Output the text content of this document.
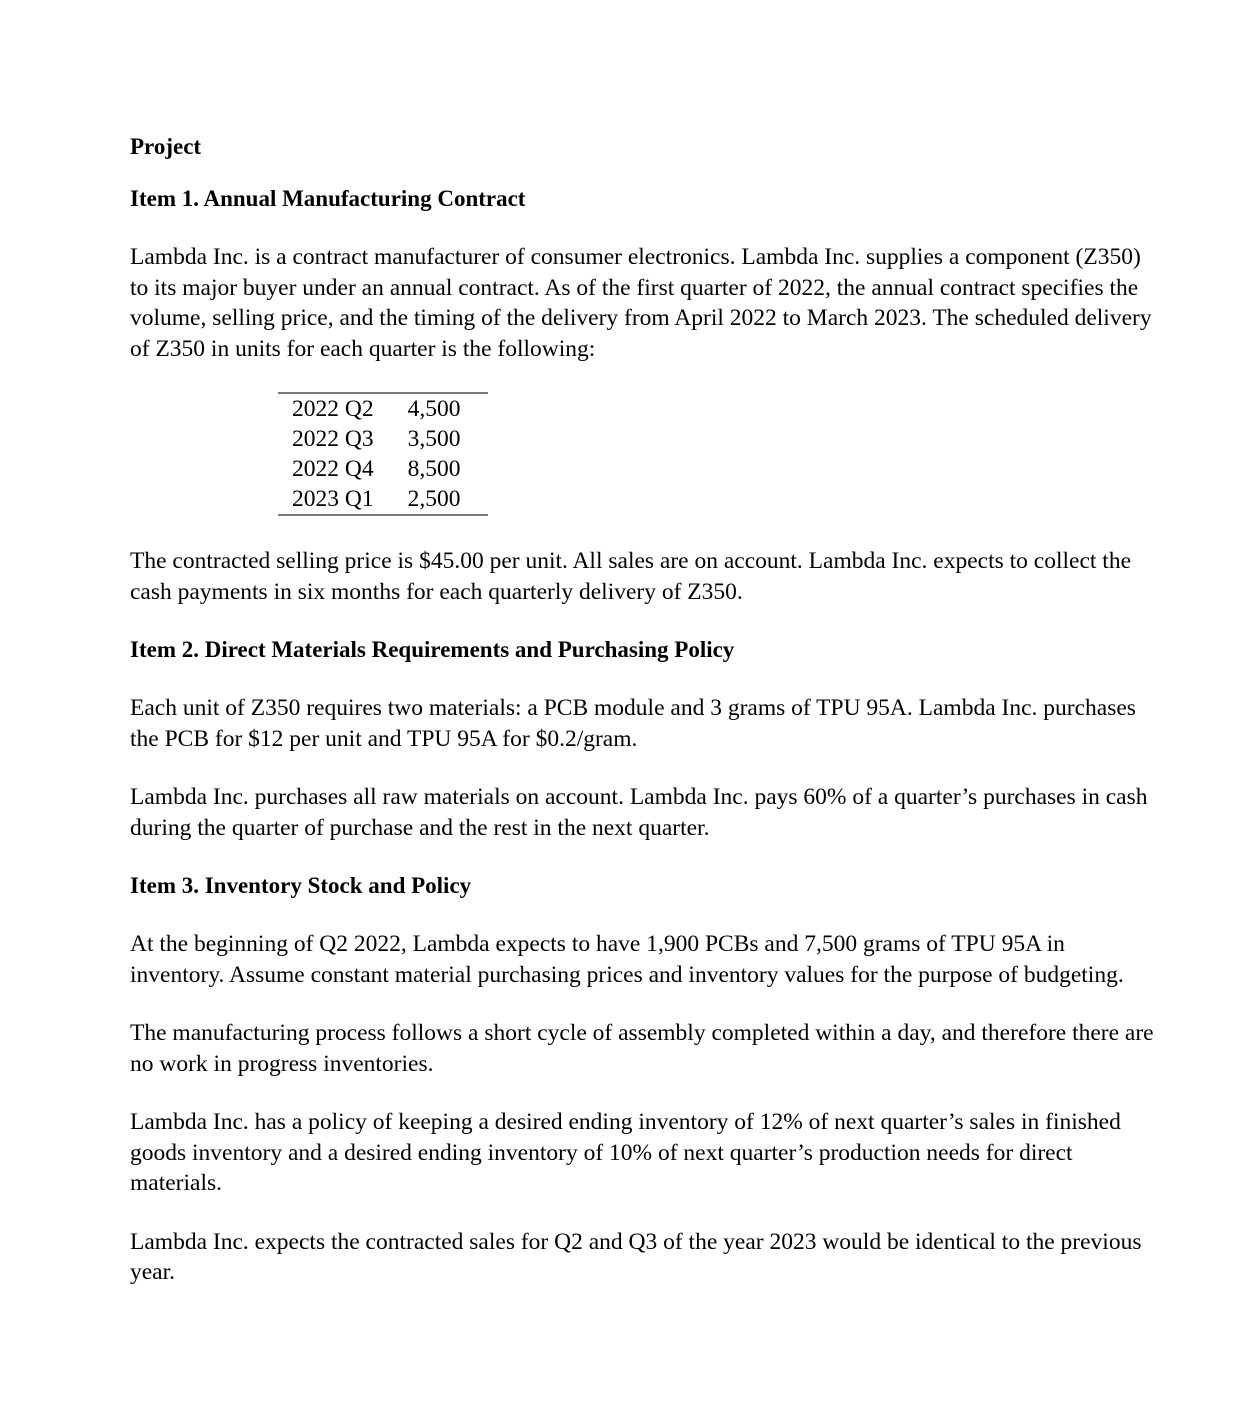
Project
Item 1. Annual Manufacturing Contract

Lambda Inc. is a contract manufacturer of consumer electronics. Lambda Inc. supplies a component (Z350) to its major buyer under an annual contract. As of the first quarter of 2022, the annual contract specifies the volume, selling price, and the timing of the delivery from April 2022 to March 2023. The scheduled delivery of Z350 in units for each quarter is the following:

2022 Q2	4,500
2022 Q3	3,500
2022 Q4	8,500
2023 Q1	2,500

The contracted selling price is $45.00 per unit. All sales are on account. Lambda Inc. expects to collect the cash payments in six months for each quarterly delivery of Z350.

Item 2. Direct Materials Requirements and Purchasing Policy

Each unit of Z350 requires two materials: a PCB module and 3 grams of TPU 95A. Lambda Inc. purchases the PCB for $12 per unit and TPU 95A for $0.2/gram.

Lambda Inc. purchases all raw materials on account. Lambda Inc. pays 60% of a quarter’s purchases in cash during the quarter of purchase and the rest in the next quarter.

Item 3. Inventory Stock and Policy

At the beginning of Q2 2022, Lambda expects to have 1,900 PCBs and 7,500 grams of TPU 95A in inventory. Assume constant material purchasing prices and inventory values for the purpose of budgeting.

The manufacturing process follows a short cycle of assembly completed within a day, and therefore there are no work in progress inventories.

Lambda Inc. has a policy of keeping a desired ending inventory of 12% of next quarter’s sales in finished goods inventory and a desired ending inventory of 10% of next quarter’s production needs for direct materials.

Lambda Inc. expects the contracted sales for Q2 and Q3 of the year 2023 would be identical to the previous year.
